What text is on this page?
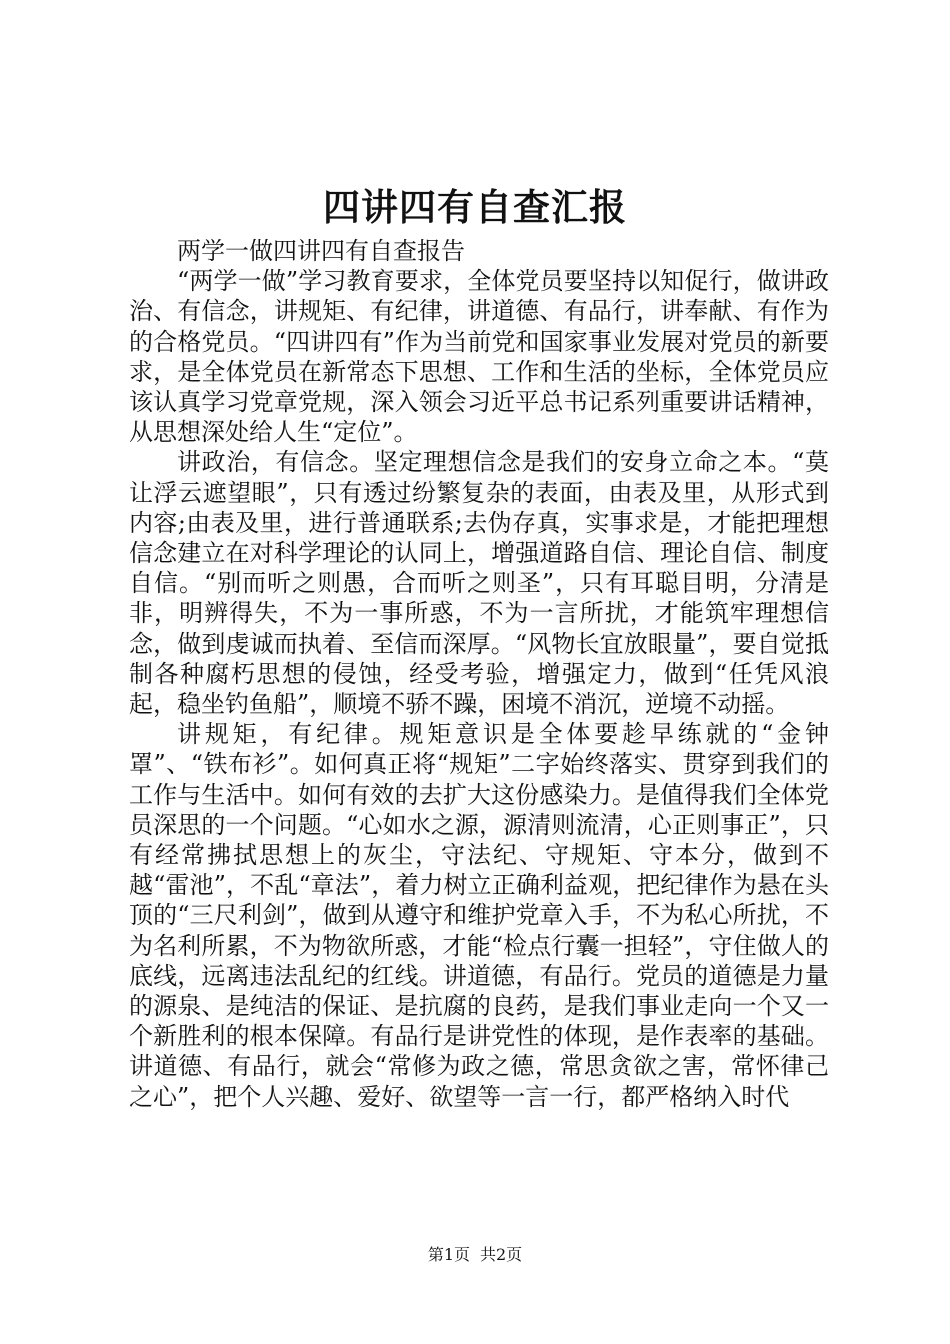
四讲四有自查汇报

两学一做四讲四有自查报告

“两学一做”学习教育要求，全体党员要坚持以知促行，做讲政治、有信念，讲规矩、有纪律，讲道德、有品行，讲奉献、有作为的合格党员。“四讲四有”作为当前党和国家事业发展对党员的新要求，是全体党员在新常态下思想、工作和生活的坐标，全体党员应该认真学习党章党规，深入领会习近平总书记系列重要讲话精神，从思想深处给人生“定位”。

讲政治，有信念。坚定理想信念是我们的安身立命之本。“莫让浮云遮望眼”，只有透过纷繁复杂的表面，由表及里，从形式到内容;由表及里，进行普通联系;去伪存真，实事求是，才能把理想信念建立在对科学理论的认同上，增强道路自信、理论自信、制度自信。“别而听之则愚，合而听之则圣”，只有耳聪目明，分清是非，明辨得失，不为一事所惑，不为一言所扰，才能筑牢理想信念，做到虔诚而执着、至信而深厚。“风物长宜放眼量”，要自觉抵制各种腐朽思想的侵蚀，经受考验，增强定力，做到“任凭风浪起，稳坐钓鱼船”，顺境不骄不躁，困境不消沉，逆境不动摇。

讲规矩，有纪律。规矩意识是全体要趁早练就的“金钟罩”、“铁布衫”。如何真正将“规矩”二字始终落实、贯穿到我们的工作与生活中。如何有效的去扩大这份感染力。是值得我们全体党员深思的一个问题。“心如水之源，源清则流清，心正则事正”，只有经常拂拭思想上的灰尘，守法纪、守规矩、守本分，做到不越“雷池”，不乱“章法”，着力树立正确利益观，把纪律作为悬在头顶的“三尺利剑”，做到从遵守和维护党章入手，不为私心所扰，不为名利所累，不为物欲所惑，才能“检点行囊一担轻”，守住做人的底线，远离违法乱纪的红线。讲道德，有品行。党员的道德是力量的源泉、是纯洁的保证、是抗腐的良药，是我们事业走向一个又一个新胜利的根本保障。有品行是讲党性的体现，是作表率的基础。讲道德、有品行，就会“常修为政之德，常思贪欲之害，常怀律己之心”，把个人兴趣、爱好、欲望等一言一行，都严格纳入时代

第1页 共2页
